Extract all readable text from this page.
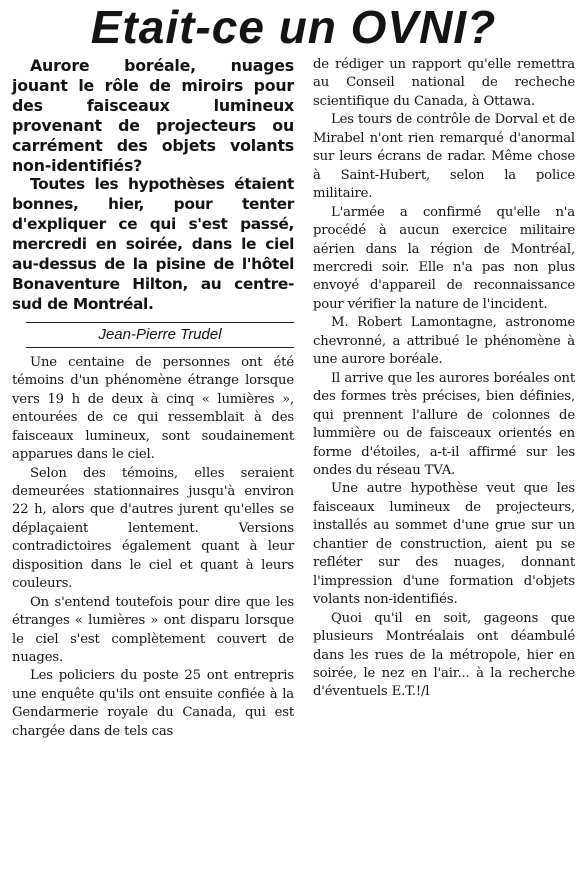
Etait-ce un OVNI?

Aurore boréale, nuages jouant le rôle de miroirs pour des faisceaux lumineux provenant de projecteurs ou carrément des objets volants non-identifiés?

Toutes les hypothèses étaient bonnes, hier, pour tenter d'expliquer ce qui s'est passé, mercredi en soirée, dans le ciel au-dessus de la pisine de l'hôtel Bonaventure Hilton, au centre-sud de Montréal.

Jean-Pierre Trudel

Une centaine de personnes ont été témoins d'un phénomène étrange lorsque vers 19 h de deux à cinq « lumières », entourées de ce qui ressemblait à des faisceaux lumineux, sont soudainement apparues dans le ciel.

Selon des témoins, elles seraient demeurées stationnaires jusqu'à environ 22 h, alors que d'autres jurent qu'elles se déplaçaient lentement. Versions contradictoires également quant à leur disposition dans le ciel et quant à leurs couleurs.

On s'entend toutefois pour dire que les étranges « lumières » ont disparu lorsque le ciel s'est complètement couvert de nuages.

Les policiers du poste 25 ont entrepris une enquête qu'ils ont ensuite confiée à la Gendarmerie royale du Canada, qui est chargée dans de tels cas

de rédiger un rapport qu'elle remettra au Conseil national de recheche scientifique du Canada, à Ottawa.

Les tours de contrôle de Dorval et de Mirabel n'ont rien remarqué d'anormal sur leurs écrans de radar. Même chose à Saint-Hubert, selon la police militaire.

L'armée a confirmé qu'elle n'a procédé à aucun exercice militaire aérien dans la région de Montréal, mercredi soir. Elle n'a pas non plus envoyé d'appareil de reconnaissance pour vérifier la nature de l'incident.

M. Robert Lamontagne, astronome chevronné, a attribué le phénomène à une aurore boréale.

Il arrive que les aurores boréales ont des formes très précises, bien définies, qui prennent l'allure de colonnes de lummière ou de faisceaux orientés en forme d'étoiles, a-t-il affirmé sur les ondes du réseau TVA.

Une autre hypothèse veut que les faisceaux lumineux de projecteurs, installés au sommet d'une grue sur un chantier de construction, aient pu se refléter sur des nuages, donnant l'impression d'une formation d'objets volants non-identifiés.

Quoi qu'il en soit, gageons que plusieurs Montréalais ont déambulé dans les rues de la métropole, hier en soirée, le nez en l'air... à la recherche d'éventuels E.T.!/l
